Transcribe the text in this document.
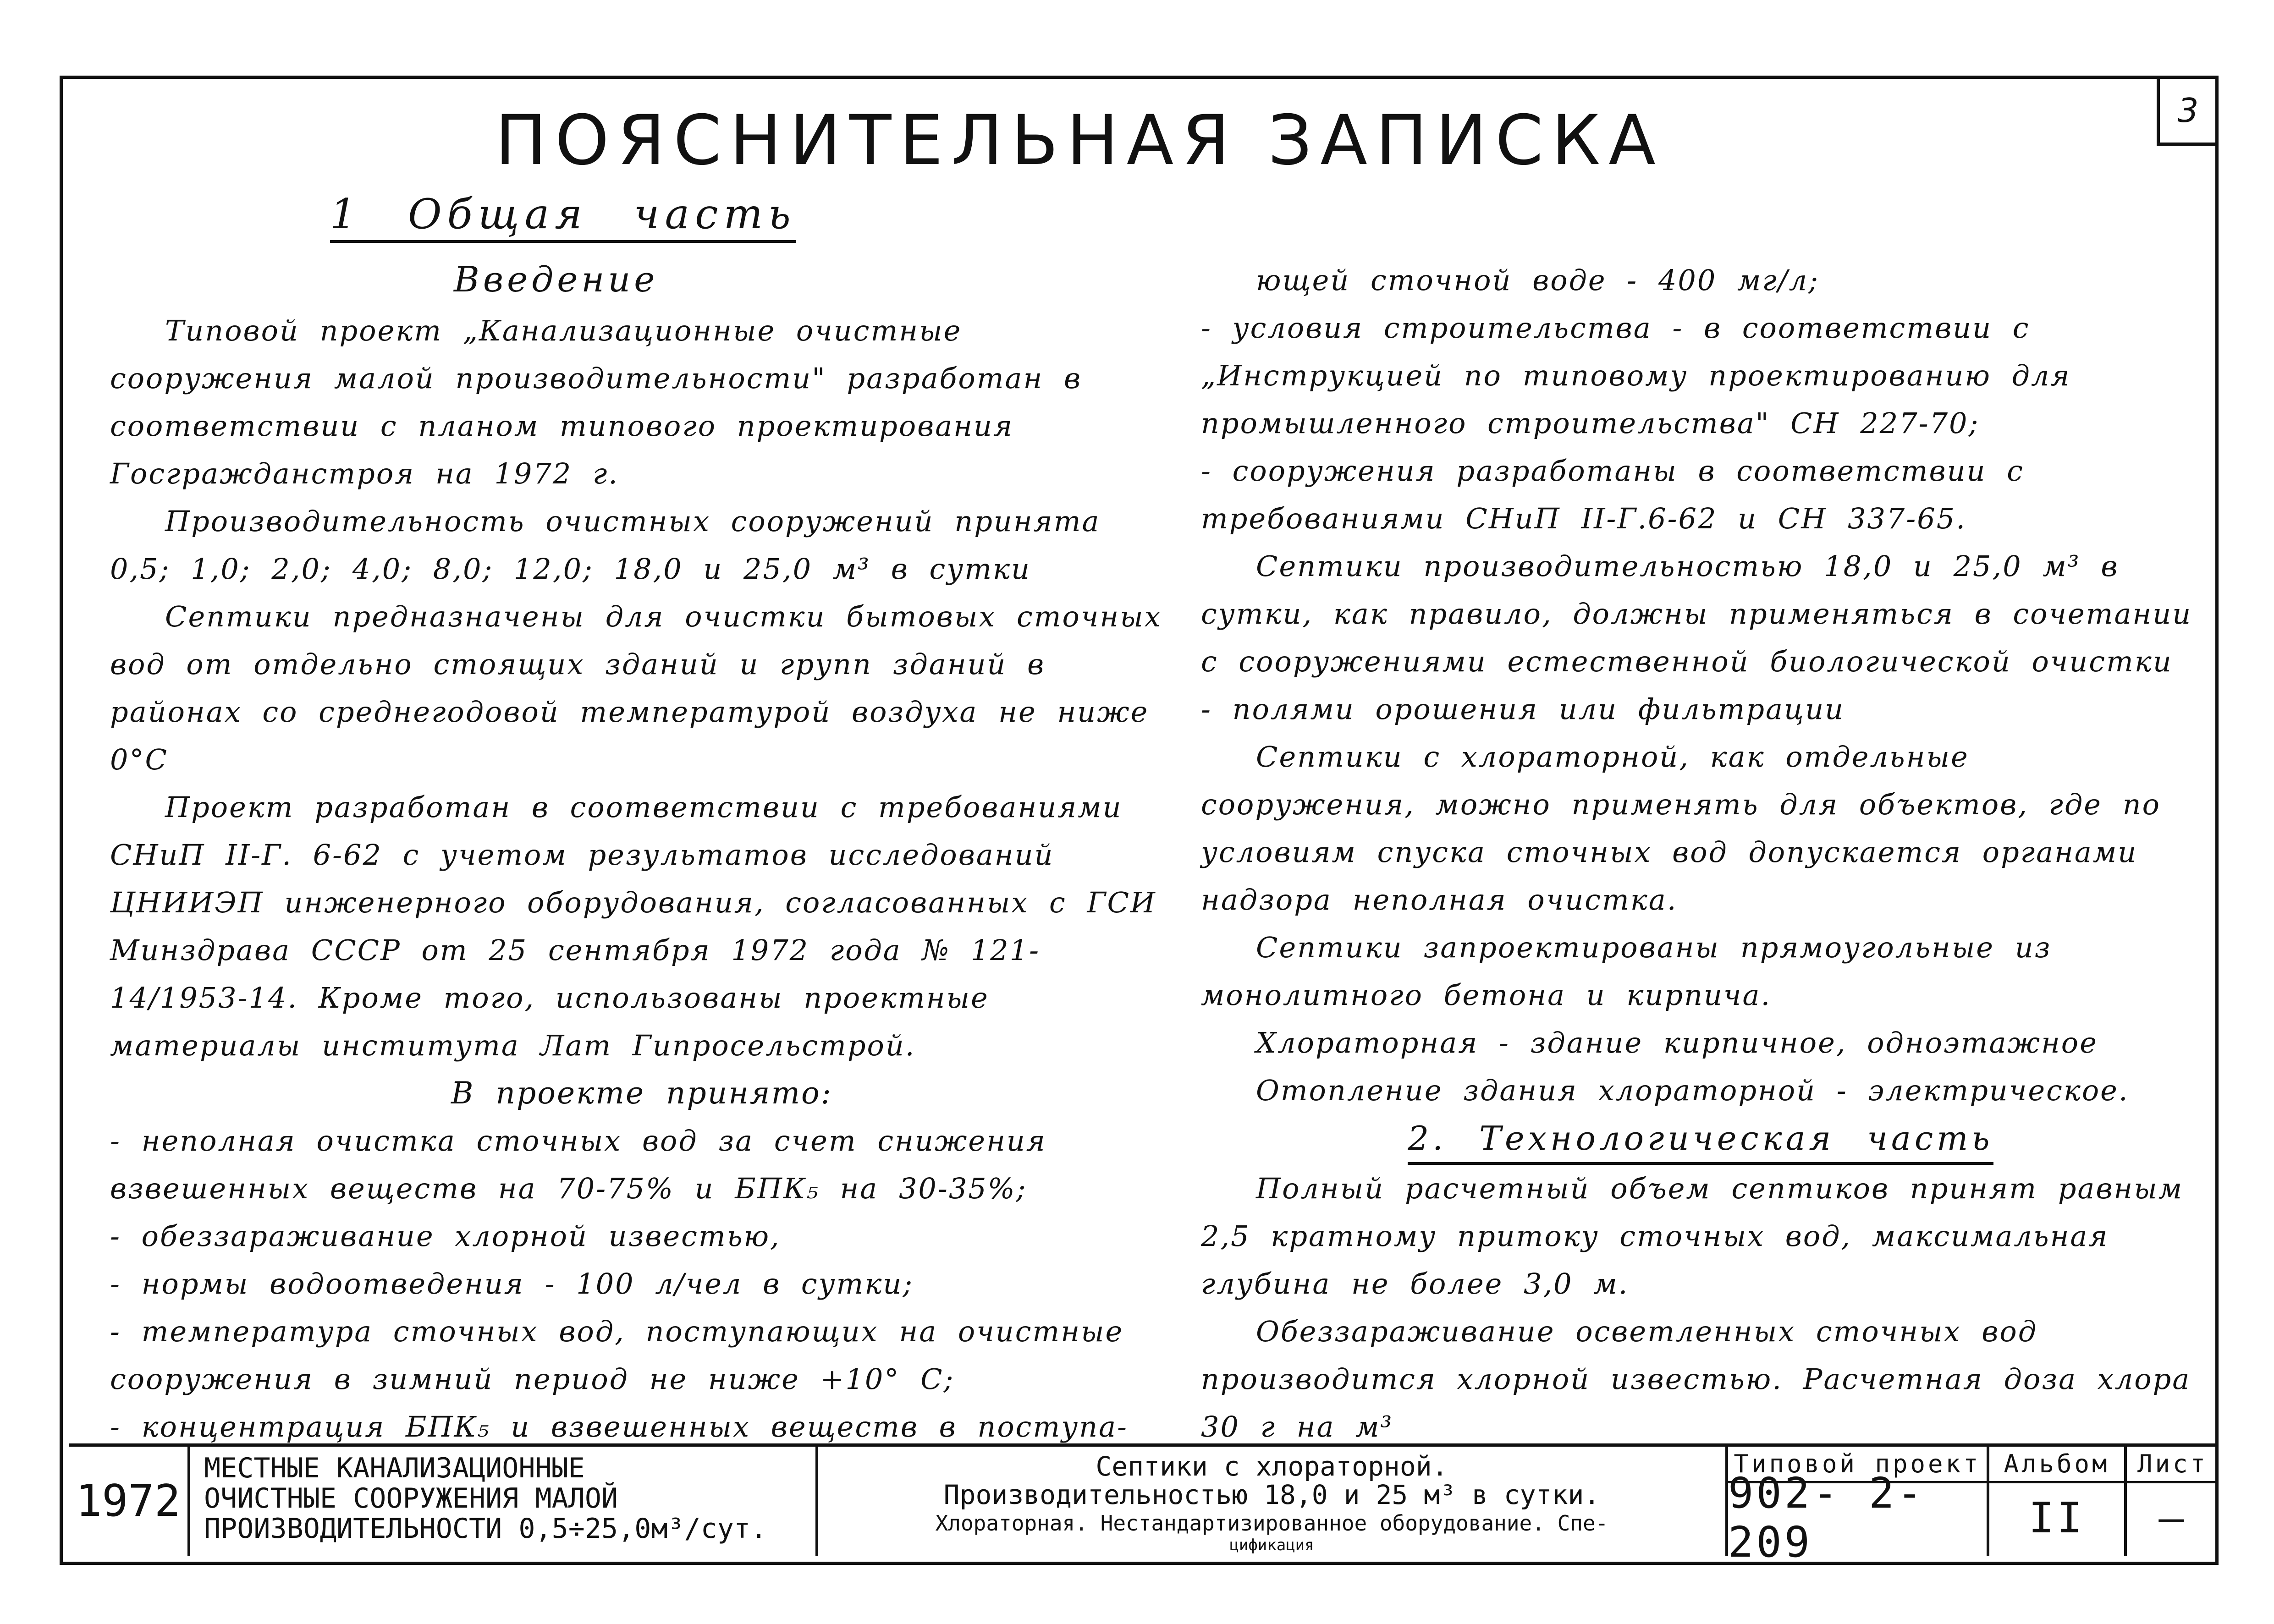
3
ПОЯСНИТЕЛЬНАЯ ЗАПИСКА
1 Общая часть
Введение

Типовой проект „Канализационные очистные сооружения малой производительности" разработан в соответствии с планом типового проектирования Госгражданстроя на 1972 г.

Производительность очистных сооружений принята 0,5; 1,0; 2,0; 4,0; 8,0; 12,0; 18,0 и 25,0 м³ в сутки

Септики предназначены для очистки бытовых сточных вод от отдельно стоящих зданий и групп зданий в районах со среднегодовой температурой воздуха не ниже 0°С

Проект разработан в соответствии с требованиями СНиП II-Г. 6-62 с учетом результатов исследований ЦНИИЭП инженерного оборудования, согласованных с ГСИ Минздрава СССР от 25 сентября 1972 года № 121-14/1953-14. Кроме того, использованы проектные материалы института Лат Гипросельстрой.

В проекте принято:

- неполная очистка сточных вод за счет снижения взвешенных веществ на 70-75% и БПК₅ на 30-35%;

- обеззараживание хлорной известью,

- нормы водоотведения - 100 л/чел в сутки;

- температура сточных вод, поступающих на очистные сооружения в зимний период не ниже +10° С;

- концентрация БПК₅ и взвешенных веществ в поступа-

ющей сточной воде - 400 мг/л;

- условия строительства - в соответствии с „Инструкцией по типовому проектированию для промышленного строительства" СН 227-70;

- сооружения разработаны в соответствии с требованиями СНиП II-Г.6-62 и СН 337-65.

Септики производительностью 18,0 и 25,0 м³ в сутки, как правило, должны применяться в сочетании с сооружениями естественной биологической очистки - полями орошения или фильтрации

Септики с хлораторной, как отдельные сооружения, можно применять для объектов, где по условиям спуска сточных вод допускается органами надзора неполная очистка.

Септики запроектированы прямоугольные из монолитного бетона и кирпича.

Хлораторная - здание кирпичное, одноэтажное

Отопление здания хлораторной - электрическое.

2. Технологическая часть

Полный расчетный объем септиков принят равным 2,5 кратному притоку сточных вод, максимальная глубина не более 3,0 м.

Обеззараживание осветленных сточных вод производится хлорной известью. Расчетная доза хлора 30 г на м³

1972
МЕСТНЫЕ КАНАЛИЗАЦИОННЫЕ
ОЧИСТНЫЕ СООРУЖЕНИЯ МАЛОЙ
ПРОИЗВОДИТЕЛЬНОСТИ 0,5÷25,0м³/сут.
Септики с хлораторной.
Производительностью 18,0 и 25 м³ в сутки.
Хлораторная. Нестандартизированное оборудование. Спе-
цификация
Типовой проект
902- 2-209
Альбом
II
Лист
—
